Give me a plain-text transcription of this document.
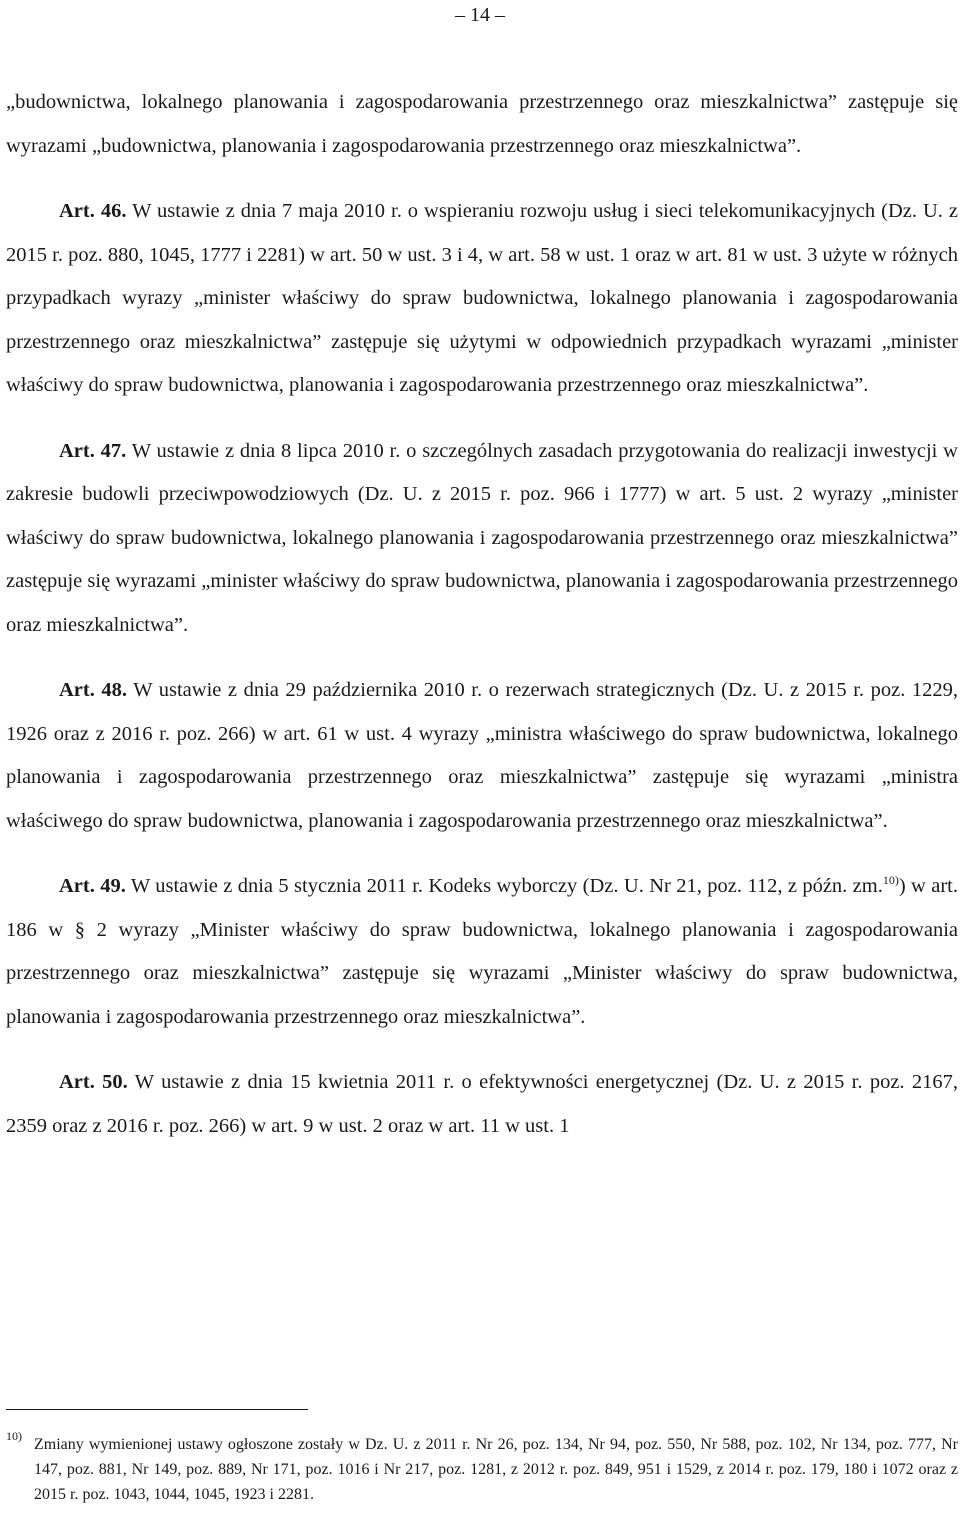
– 14 –

„budownictwa, lokalnego planowania i zagospodarowania przestrzennego oraz mieszkalnictwa” zastępuje się wyrazami „budownictwa, planowania i zagospodarowania przestrzennego oraz mieszkalnictwa”.

Art. 46. W ustawie z dnia 7 maja 2010 r. o wspieraniu rozwoju usług i sieci telekomunikacyjnych (Dz. U. z 2015 r. poz. 880, 1045, 1777 i 2281) w art. 50 w ust. 3 i 4, w art. 58 w ust. 1 oraz w art. 81 w ust. 3 użyte w różnych przypadkach wyrazy „minister właściwy do spraw budownictwa, lokalnego planowania i zagospodarowania przestrzennego oraz mieszkalnictwa” zastępuje się użytymi w odpowiednich przypadkach wyrazami „minister właściwy do spraw budownictwa, planowania i zagospodarowania przestrzennego oraz mieszkalnictwa”.

Art. 47. W ustawie z dnia 8 lipca 2010 r. o szczególnych zasadach przygotowania do realizacji inwestycji w zakresie budowli przeciwpowodziowych (Dz. U. z 2015 r. poz. 966 i 1777) w art. 5 ust. 2 wyrazy „minister właściwy do spraw budownictwa, lokalnego planowania i zagospodarowania przestrzennego oraz mieszkalnictwa” zastępuje się wyrazami „minister właściwy do spraw budownictwa, planowania i zagospodarowania przestrzennego oraz mieszkalnictwa”.

Art. 48. W ustawie z dnia 29 października 2010 r. o rezerwach strategicznych (Dz. U. z 2015 r. poz. 1229, 1926 oraz z 2016 r. poz. 266) w art. 61 w ust. 4 wyrazy „ministra właściwego do spraw budownictwa, lokalnego planowania i zagospodarowania przestrzennego oraz mieszkalnictwa” zastępuje się wyrazami „ministra właściwego do spraw budownictwa, planowania i zagospodarowania przestrzennego oraz mieszkalnictwa”.

Art. 49. W ustawie z dnia 5 stycznia 2011 r. Kodeks wyborczy (Dz. U. Nr 21, poz. 112, z późn. zm.$^{10)}$) w art. 186 w § 2 wyrazy „Minister właściwy do spraw budownictwa, lokalnego planowania i zagospodarowania przestrzennego oraz mieszkalnictwa” zastępuje się wyrazami „Minister właściwy do spraw budownictwa, planowania i zagospodarowania przestrzennego oraz mieszkalnictwa”.

Art. 50. W ustawie z dnia 15 kwietnia 2011 r. o efektywności energetycznej (Dz. U. z 2015 r. poz. 2167, 2359 oraz z 2016 r. poz. 266) w art. 9 w ust. 2 oraz w art. 11 w ust. 1

10) Zmiany wymienionej ustawy ogłoszone zostały w Dz. U. z 2011 r. Nr 26, poz. 134, Nr 94, poz. 550, Nr 588, poz. 102, Nr 134, poz. 777, Nr 147, poz. 881, Nr 149, poz. 889, Nr 171, poz. 1016 i Nr 217, poz. 1281, z 2012 r. poz. 849, 951 i 1529, z 2014 r. poz. 179, 180 i 1072 oraz z 2015 r. poz. 1043, 1044, 1045, 1923 i 2281.
